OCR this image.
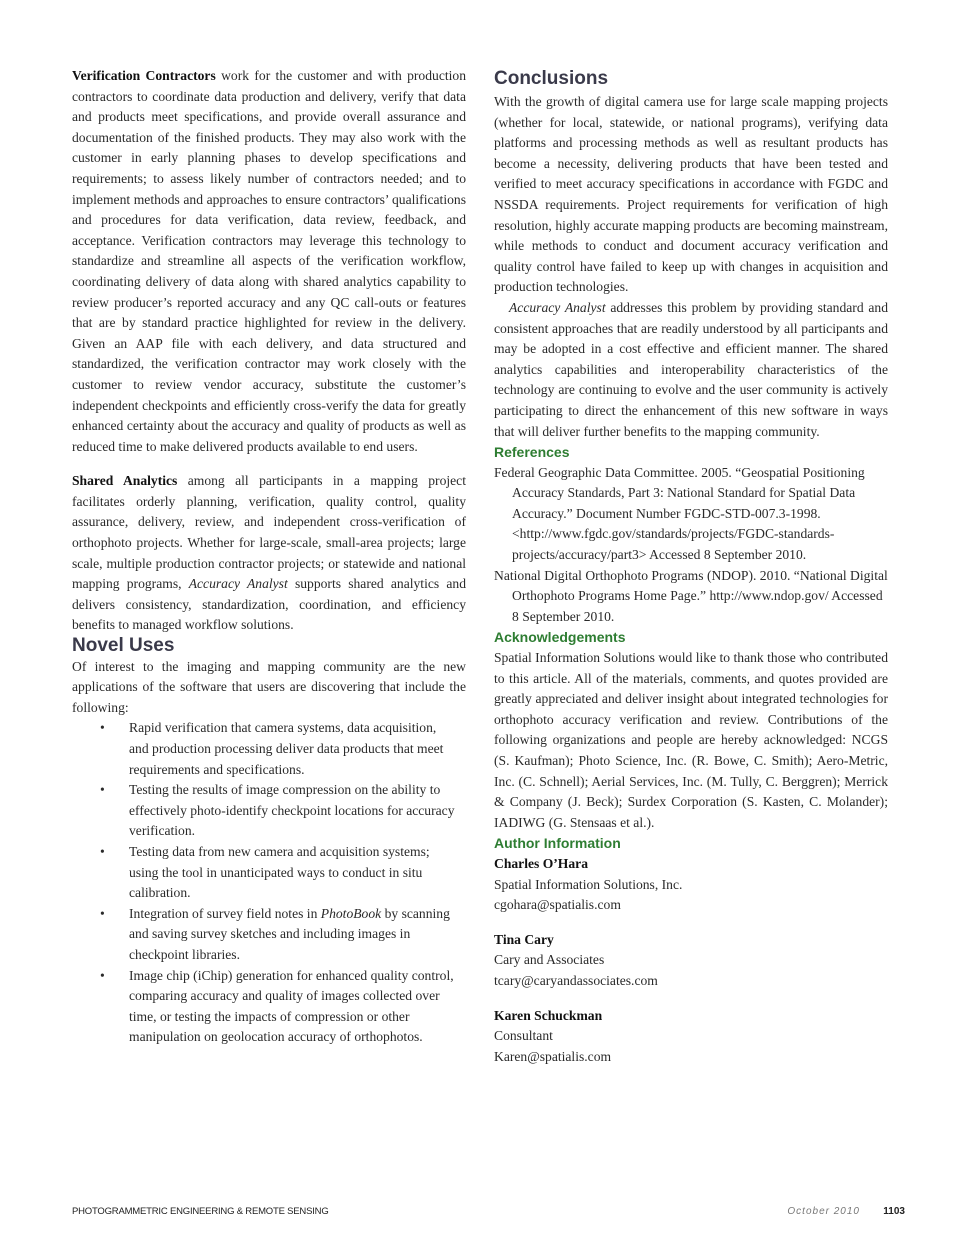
Verification Contractors work for the customer and with production contractors to coordinate data production and delivery, verify that data and products meet specifications, and provide overall assurance and documentation of the finished products. They may also work with the customer in early planning phases to develop specifications and requirements; to assess likely number of contractors needed; and to implement methods and approaches to ensure contractors’ qualifications and procedures for data verification, data review, feedback, and acceptance. Verification contractors may leverage this technology to standardize and streamline all aspects of the verification workflow, coordinating delivery of data along with shared analytics capability to review producer’s reported accuracy and any QC call-outs or features that are by standard practice highlighted for review in the delivery. Given an AAP file with each delivery, and data structured and standardized, the verification contractor may work closely with the customer to review vendor accuracy, substitute the customer’s independent checkpoints and efficiently cross-verify the data for greatly enhanced certainty about the accuracy and quality of products as well as reduced time to make delivered products available to end users.

Shared Analytics among all participants in a mapping project facilitates orderly planning, verification, quality control, quality assurance, delivery, review, and independent cross-verification of orthophoto projects. Whether for large-scale, small-area projects; large scale, multiple production contractor projects; or statewide and national mapping programs, Accuracy Analyst supports shared analytics and delivers consistency, standardization, coordination, and efficiency benefits to managed workflow solutions.

Novel Uses

Of interest to the imaging and mapping community are the new applications of the software that users are discovering that include the following:

• Rapid verification that camera systems, data acquisition, and production processing deliver data products that meet requirements and specifications.
• Testing the results of image compression on the ability to effectively photo-identify checkpoint locations for accuracy verification.
• Testing data from new camera and acquisition systems; using the tool in unanticipated ways to conduct in situ calibration.
• Integration of survey field notes in PhotoBook by scanning and saving survey sketches and including images in checkpoint libraries.
• Image chip (iChip) generation for enhanced quality control, comparing accuracy and quality of images collected over time, or testing the impacts of compression or other manipulation on geolocation accuracy of orthophotos.
Conclusions

With the growth of digital camera use for large scale mapping projects (whether for local, statewide, or national programs), verifying data platforms and processing methods as well as resultant products has become a necessity, delivering products that have been tested and verified to meet accuracy specifications in accordance with FGDC and NSSDA requirements. Project requirements for verification of high resolution, highly accurate mapping products are becoming mainstream, while methods to conduct and document accuracy verification and quality control have failed to keep up with changes in acquisition and production technologies.

Accuracy Analyst addresses this problem by providing standard and consistent approaches that are readily understood by all participants and may be adopted in a cost effective and efficient manner. The shared analytics capabilities and interoperability characteristics of the technology are continuing to evolve and the user community is actively participating to direct the enhancement of this new software in ways that will deliver further benefits to the mapping community.

References

Federal Geographic Data Committee. 2005. “Geospatial Positioning Accuracy Standards, Part 3: National Standard for Spatial Data Accuracy.” Document Number FGDC-STD-007.3-1998. <http://www.fgdc.gov/standards/projects/FGDC-standards-projects/accuracy/part3> Accessed 8 September 2010.

National Digital Orthophoto Programs (NDOP). 2010. “National Digital Orthophoto Programs Home Page.” http://www.ndop.gov/ Accessed 8 September 2010.

Acknowledgements

Spatial Information Solutions would like to thank those who contributed to this article. All of the materials, comments, and quotes provided are greatly appreciated and deliver insight about integrated technologies for orthophoto accuracy verification and review. Contributions of the following organizations and people are hereby acknowledged: NCGS (S. Kaufman); Photo Science, Inc. (R. Bowe, C. Smith); Aero-Metric, Inc. (C. Schnell); Aerial Services, Inc. (M. Tully, C. Berggren); Merrick & Company (J. Beck); Surdex Corporation (S. Kasten, C. Molander); IADIWG (G. Stensaas et al.).

Author Information
Charles O’Hara
Spatial Information Solutions, Inc.
cgohara@spatialis.com
Tina Cary
Cary and Associates
tcary@caryandassociates.com
Karen Schuckman
Consultant
Karen@spatialis.com
PHOTOGRAMMETRIC ENGINEERING & REMOTE SENSING	October 2010 1103
